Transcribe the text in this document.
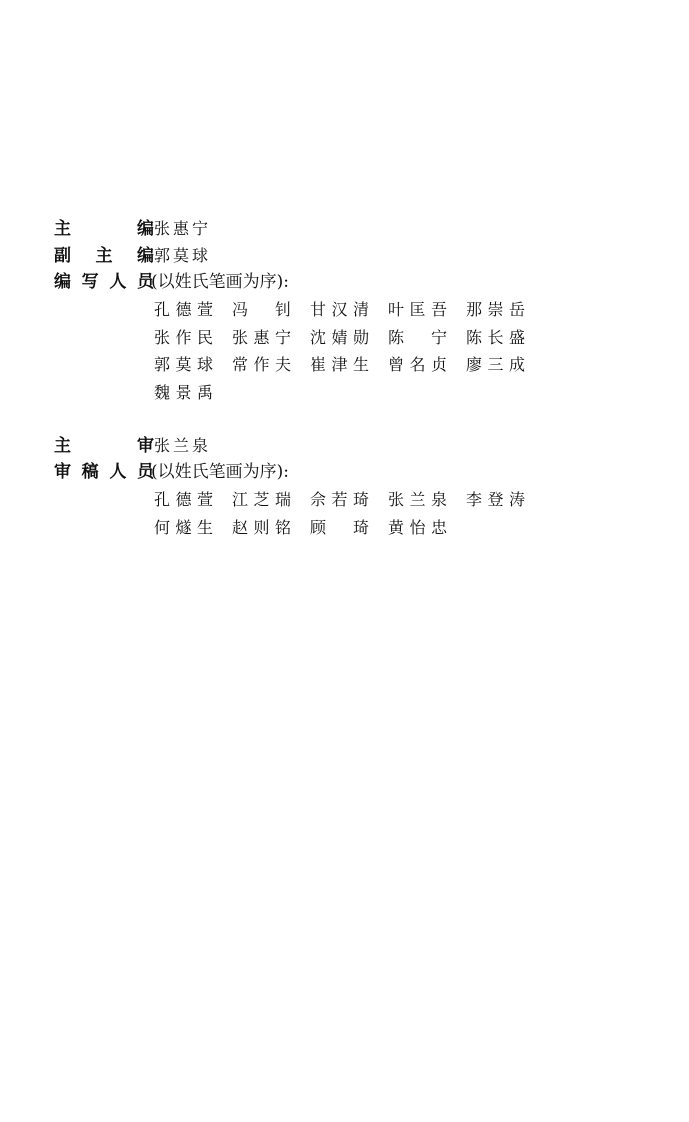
主	编 张惠宁
副 主 编 郭莫球
编 写 人 员
(以姓氏笔画为序):
孔 德 萱 冯 钊 甘 汉 清 叶 匡 吾 那 崇 岳
张 作 民 张 惠 宁 沈 婧 勋 陈 宁 陈 长 盛
郭 莫 球 常 作 夫 崔 津 生 曾 名 贞 廖 三 成
魏 景 禹
主	审 张兰泉
审 稿 人 员
(以姓氏笔画为序):
孔 德 萱 江 芝 瑞 佘 若 琦 张 兰 泉 李 登 涛
何 燧 生 赵 则 铭 顾 琦 黄 怡 忠
